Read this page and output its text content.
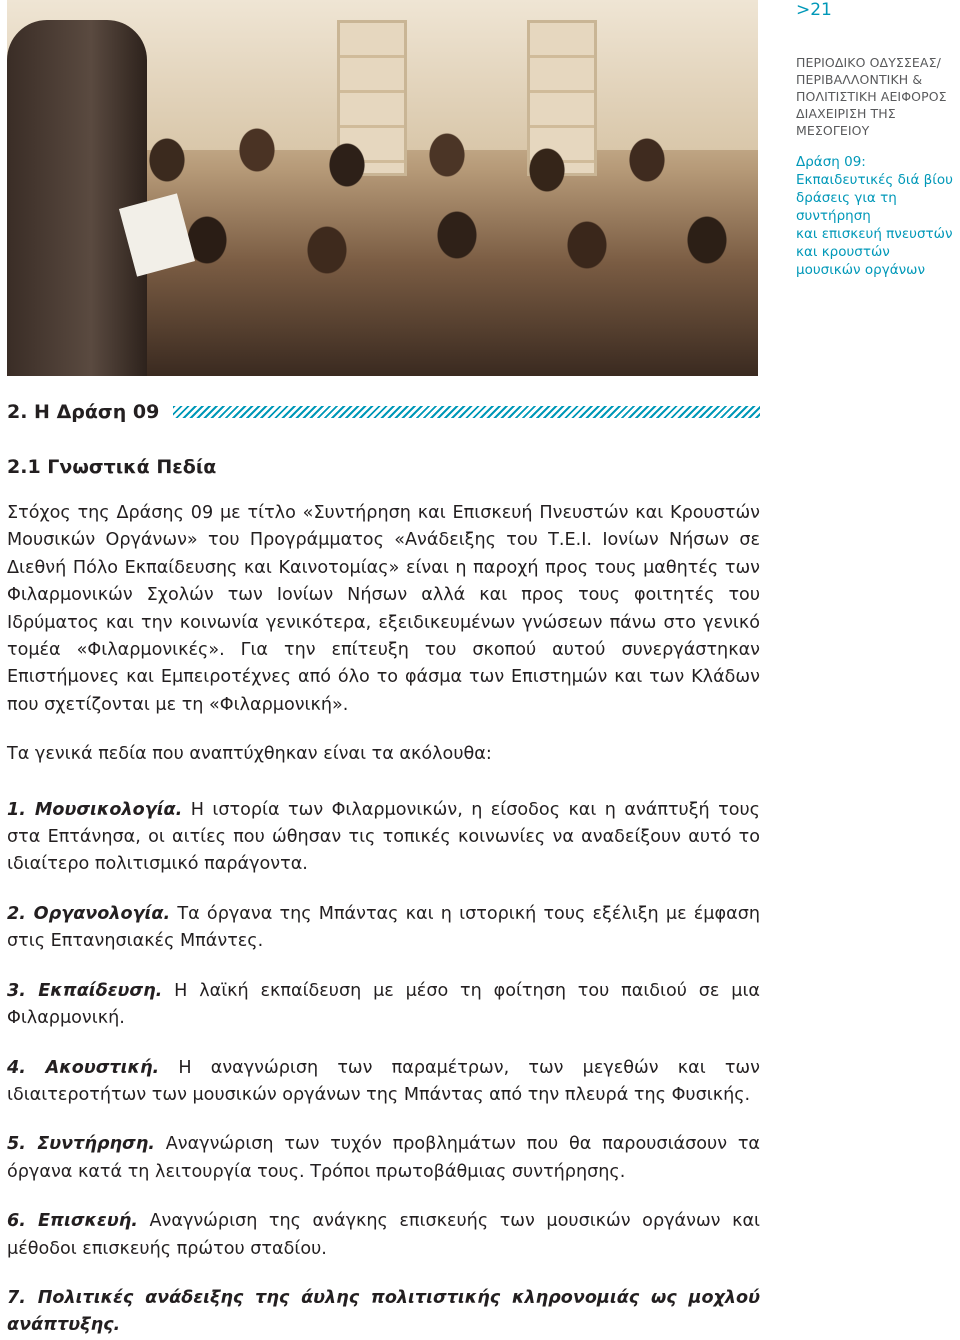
>21
ΠΕΡΙΟΔΙΚΟ ΟΔΥΣΣΕΑΣ/
ΠΕΡΙΒΑΛΛΟΝΤΙΚΗ &
ΠΟΛΙΤΙΣΤΙΚΗ ΑΕΙΦΟΡΟΣ
ΔΙΑΧΕΙΡΙΣΗ ΤΗΣ ΜΕΣΟΓΕΙΟΥ
Δράση 09:
Εκπαιδευτικές διά βίου
δράσεις για τη συντήρηση
και επισκευή πνευστών
και κρουστών
μουσικών οργάνων
2. Η Δράση 09
2.1 Γνωστικά Πεδία
Στόχος της Δράσης 09 με τίτλο «Συντήρηση και Επισκευή Πνευστών και Κρουστών Μουσικών Οργάνων» του Προγράμματος «Ανάδειξης του Τ.Ε.Ι. Ιονίων Νήσων σε Διεθνή Πόλο Εκπαίδευσης και Καινοτομίας» είναι η παροχή προς τους μαθητές των Φιλαρμονικών Σχολών των Ιονίων Νήσων αλλά και προς τους φοιτητές του Ιδρύματος και την κοινωνία γενικότερα, εξειδικευμένων γνώσεων πάνω στο γενικό τομέα «Φιλαρμονικές». Για την επίτευξη του σκοπού αυτού συνεργάστηκαν Επιστήμονες και Εμπειροτέχνες από όλο το φάσμα των Επιστημών και των Κλάδων που σχετίζονται με τη «Φιλαρμονική».
Τα γενικά πεδία που αναπτύχθηκαν είναι τα ακόλουθα:
1. Μουσικολογία. Η ιστορία των Φιλαρμονικών, η είσοδος και η ανάπτυξή τους στα Επτάνησα, οι αιτίες που ώθησαν τις τοπικές κοινωνίες να αναδείξουν αυτό το ιδιαίτερο πολιτισμικό παράγοντα.
2. Οργανολογία. Τα όργανα της Μπάντας και η ιστορική τους εξέλιξη με έμφαση στις Επτανησιακές Μπάντες.
3. Εκπαίδευση. Η λαϊκή εκπαίδευση με μέσο τη φοίτηση του παιδιού σε μια Φιλαρμονική.
4. Ακουστική. Η αναγνώριση των παραμέτρων, των μεγεθών και των ιδιαιτεροτήτων των μουσικών οργάνων της Μπάντας από την πλευρά της Φυσικής.
5. Συντήρηση. Αναγνώριση των τυχόν προβλημάτων που θα παρουσιάσουν τα όργανα κατά τη λειτουργία τους. Τρόποι πρωτοβάθμιας συντήρησης.
6. Επισκευή. Αναγνώριση της ανάγκης επισκευής των μουσικών οργάνων και μέθοδοι επισκευής πρώτου σταδίου.
7. Πολιτικές ανάδειξης της άυλης πολιτιστικής κληρονομιάς ως μοχλού ανάπτυξης.
